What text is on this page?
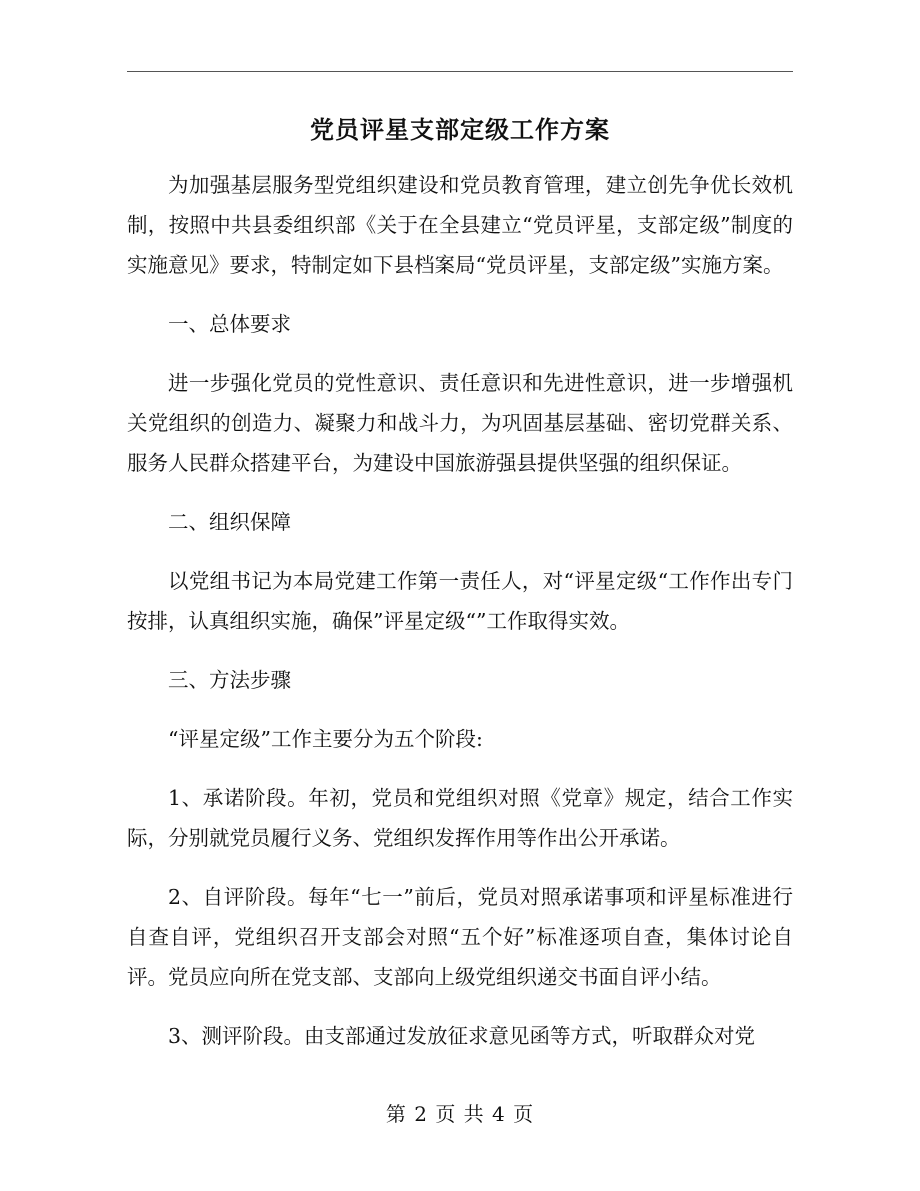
党员评星支部定级工作方案

为加强基层服务型党组织建设和党员教育管理，建立创先争优长效机制，按照中共县委组织部《关于在全县建立“党员评星，支部定级”制度的实施意见》要求，特制定如下县档案局“党员评星，支部定级”实施方案。

一、总体要求

进一步强化党员的党性意识、责任意识和先进性意识，进一步增强机关党组织的创造力、凝聚力和战斗力，为巩固基层基础、密切党群关系、服务人民群众搭建平台，为建设中国旅游强县提供坚强的组织保证。

二、组织保障

以党组书记为本局党建工作第一责任人，对“评星定级“工作作出专门按排，认真组织实施，确保”评星定级“”工作取得实效。

三、方法步骤

“评星定级”工作主要分为五个阶段:

1、承诺阶段。年初，党员和党组织对照《党章》规定，结合工作实际，分别就党员履行义务、党组织发挥作用等作出公开承诺。

2、自评阶段。每年“七一”前后，党员对照承诺事项和评星标准进行自查自评，党组织召开支部会对照“五个好”标准逐项自查，集体讨论自评。党员应向所在党支部、支部向上级党组织递交书面自评小结。

3、测评阶段。由支部通过发放征求意见函等方式，听取群众对党

第 2 页 共 4 页
